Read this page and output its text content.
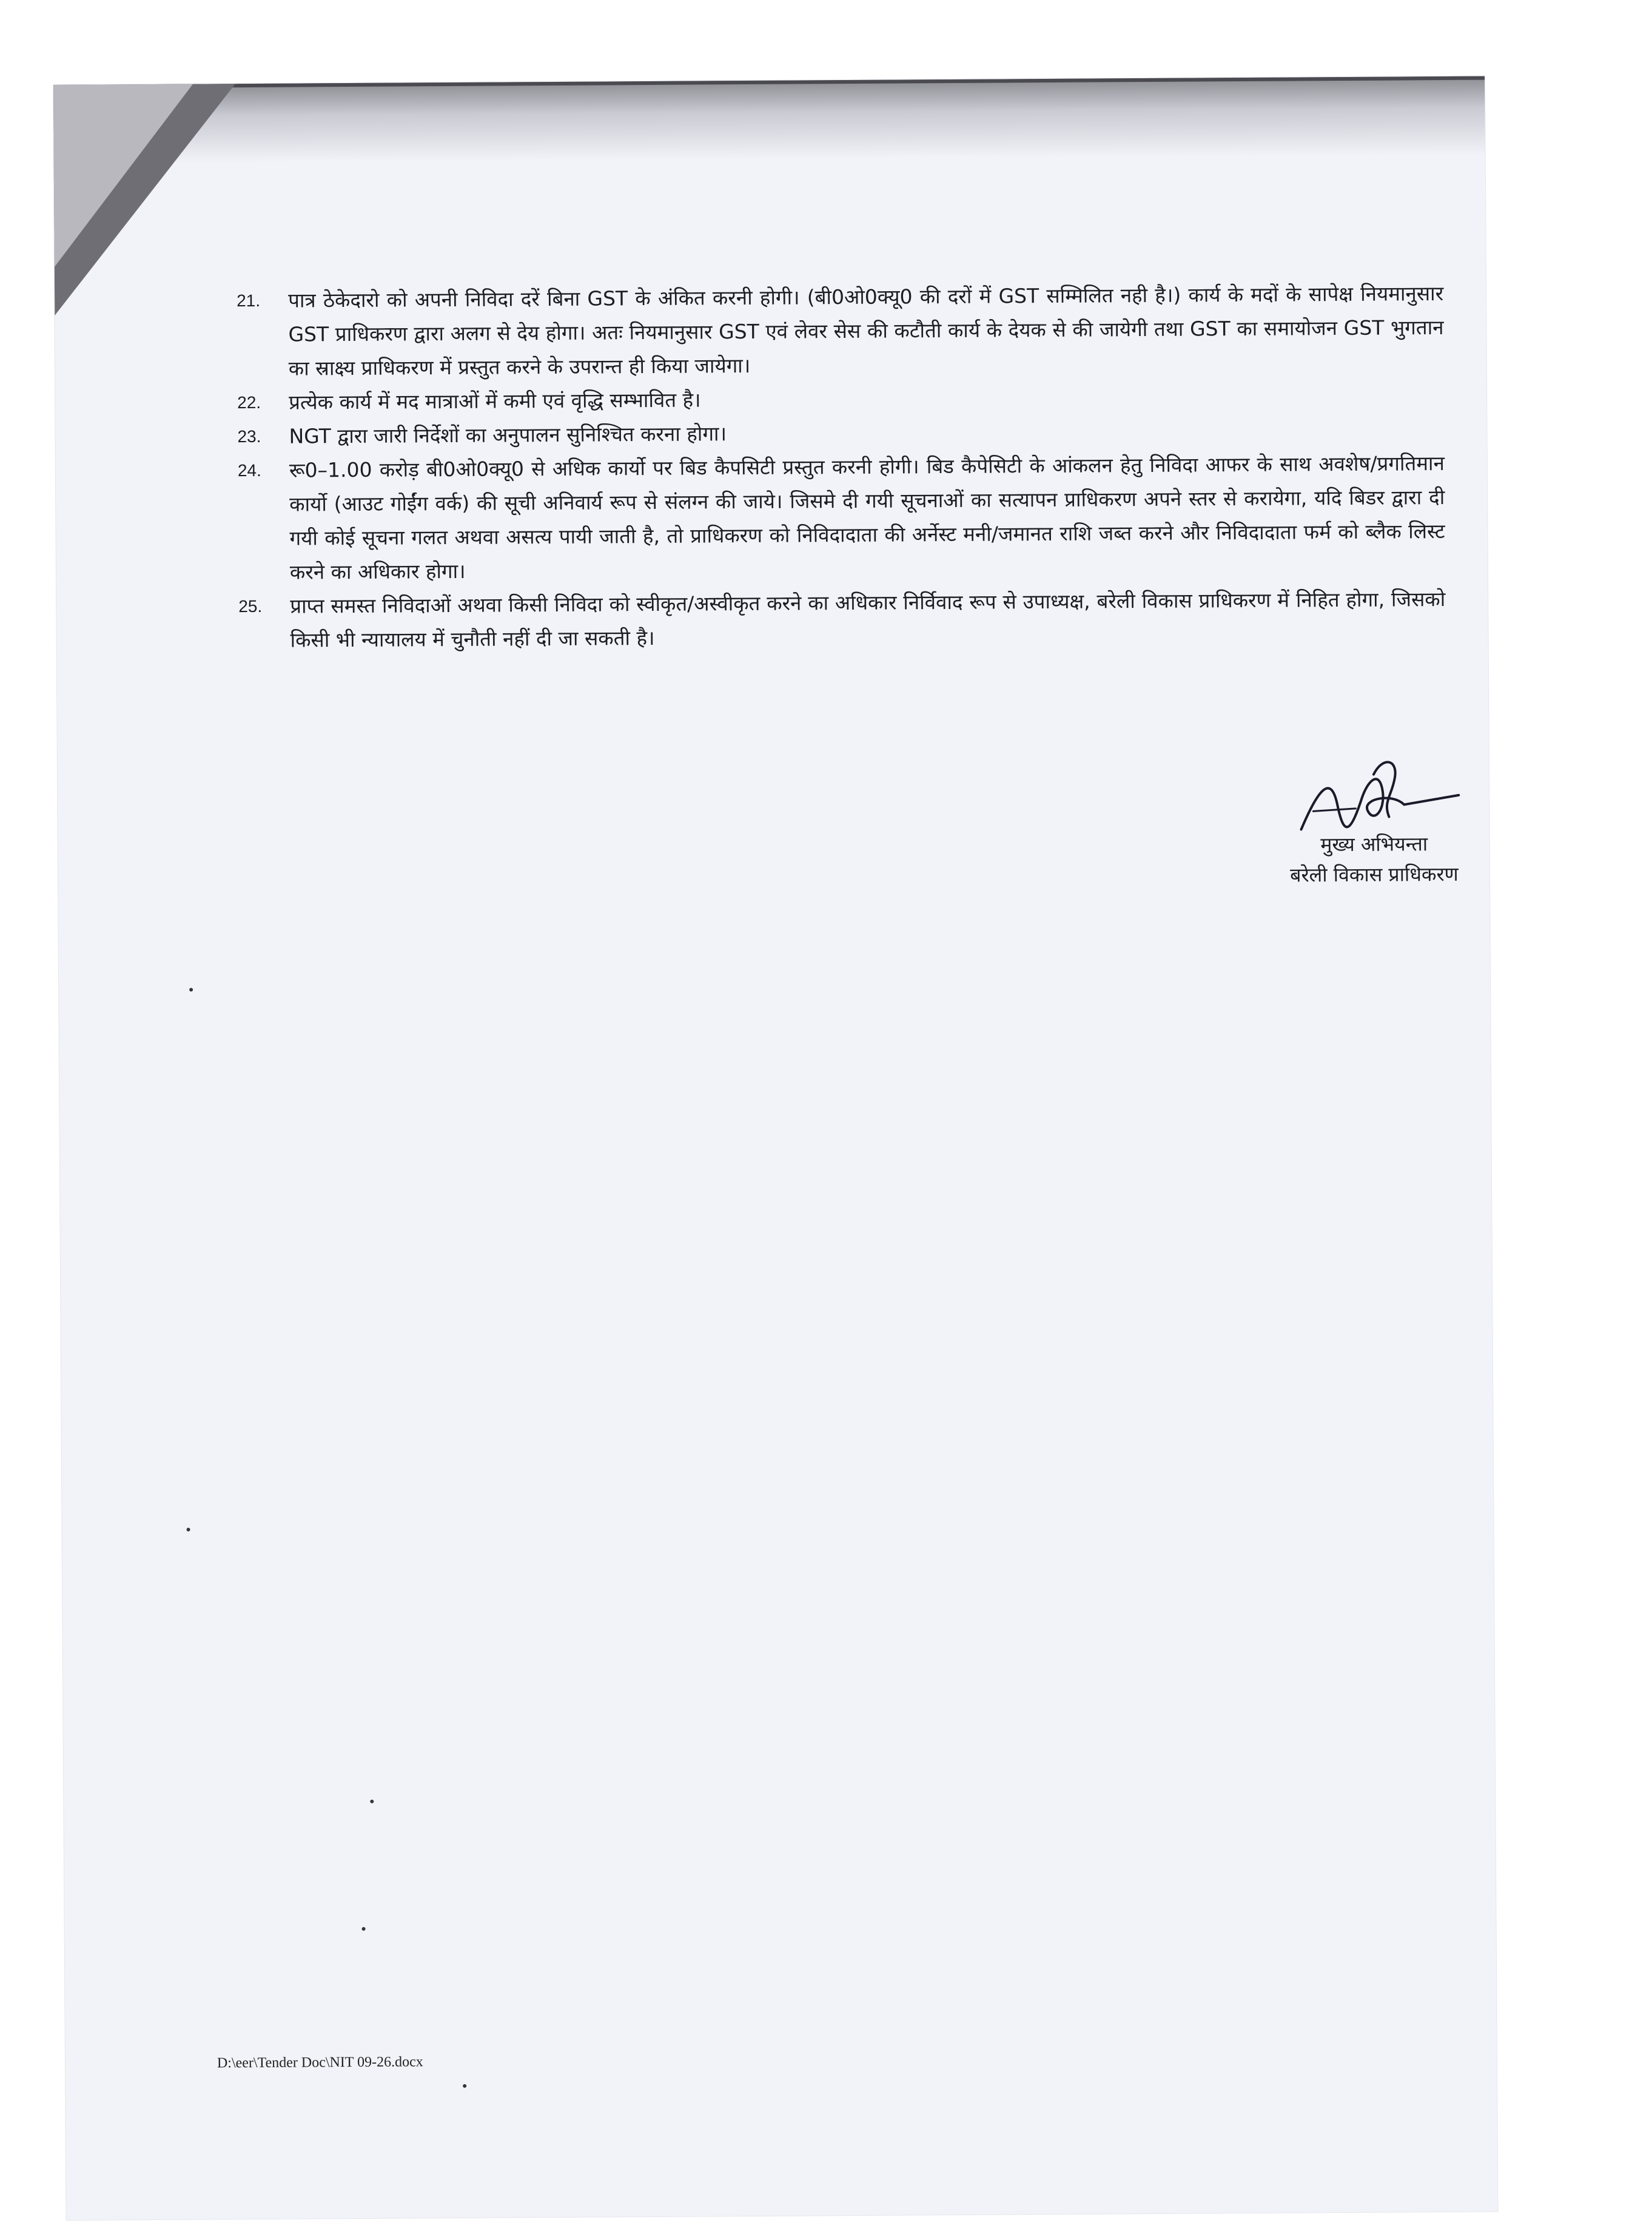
21. पात्र ठेकेदारो को अपनी निविदा दरें बिना GST के अंकित करनी होगी। (बी0ओ0क्यू0 की दरों में GST सम्मिलित नही है।) कार्य के मदों के सापेक्ष नियमानुसार GST प्राधिकरण द्वारा अलग से देय होगा। अतः नियमानुसार GST एवं लेवर सेस की कटौती कार्य के देयक से की जायेगी तथा GST का समायोजन GST भुगतान का स्राक्ष्य प्राधिकरण में प्रस्तुत करने के उपरान्त ही किया जायेगा।
22. प्रत्येक कार्य में मद मात्राओं में कमी एवं वृद्धि सम्भावित है।
23. NGT द्वारा जारी निर्देशों का अनुपालन सुनिश्चित करना होगा।
24. रू0–1.00 करोड़ बी0ओ0क्यू0 से अधिक कार्यो पर बिड कैपसिटी प्रस्तुत करनी होगी। बिड कैपेसिटी के आंकलन हेतु निविदा आफर के साथ अवशेष/प्रगतिमान कार्यो (आउट गोईंग वर्क) की सूची अनिवार्य रूप से संलग्न की जाये। जिसमे दी गयी सूचनाओं का सत्यापन प्राधिकरण अपने स्तर से करायेगा, यदि बिडर द्वारा दी गयी कोई सूचना गलत अथवा असत्य पायी जाती है, तो प्राधिकरण को निविदादाता की अर्नेस्ट मनी/जमानत राशि जब्त करने और निविदादाता फर्म को ब्लैक लिस्ट करने का अधिकार होगा।
25. प्राप्त समस्त निविदाओं अथवा किसी निविदा को स्वीकृत/अस्वीकृत करने का अधिकार निर्विवाद रूप से उपाध्यक्ष, बरेली विकास प्राधिकरण में निहित होगा, जिसको किसी भी न्यायालय में चुनौती नहीं दी जा सकती है।
मुख्य अभियन्ता
बरेली विकास प्राधिकरण
D:\eer\Tender Doc\NIT 09-26.docx
